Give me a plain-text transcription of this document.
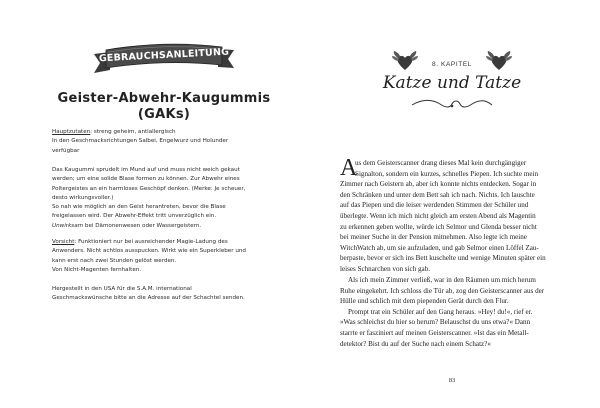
GEBRAUCHSANLEITUNG
Geister-Abwehr-Kaugummis
(GAKs)
Hauptzutaten: streng geheim, antiallergisch
In den Geschmacksrichtungen Salbei, Engelwurz und Holunder
verfügbar
Das Kaugummi sprudelt im Mund auf und muss nicht weich gekaut
werden; um eine solide Blase formen zu können. Zur Abwehr eines
Poltergeistes an ein harmloses Geschöpf denken. (Merke: Je scheuer,
desto wirkungsvoller.)
So nah wie möglich an den Geist herantreten, bevor die Blase
freigelassen wird. Der Abwehr-Effekt tritt unverzüglich ein.
Unwirksam bei Dämonenwesen oder Wassergeistern.
Vorsicht: Funktioniert nur bei ausreichender Magie-Ladung des
Anwenders. Nicht achtlos ausspucken. Wirkt wie ein Superkleber und
kann erst nach zwei Stunden gelöst werden.
Von Nicht-Magenten fernhalten.
Hergestellt in den USA für die S.A.M. international
Geschmackswünsche bitte an die Adresse auf der Schachtel senden.
8. KAPITEL
Katze und Tatze
A
us dem Geisterscanner drang dieses Mal kein durchgängiger
Signalton, sondern ein kurzes, schnelles Piepen. Ich suchte mein
Zimmer nach Geistern ab, aber ich konnte nichts entdecken. Sogar in
den Schränken und unter dem Bett sah ich nach. Nichts. Ich lauschte
auf das Piepen und die leiser werdenden Stimmen der Schüler und
überlegte. Wenn ich mich nicht gleich am ersten Abend als Magentin
zu erkennen geben wollte, würde ich Selmor und Glenda besser nicht
bei meiner Suche in der Pension mitnehmen. Also legte ich meine
WitchWatch ab, um sie aufzuladen, und gab Selmor einen Löffel Zau-
berpaste, bevor er sich ins Bett kuschelte und wenige Minuten später ein
leises Schnarchen von sich gab.
Als ich mein Zimmer verließ, war in den Räumen um mich herum
Ruhe eingekehrt. Ich schloss die Tür ab, zog den Geisterscanner aus der
Hülle und schlich mit dem piependen Gerät durch den Flur.
Prompt trat ein Schüler auf den Gang heraus. »Hey! du!«, rief er.
»Was schleichst du hier so herum? Belauschst du uns etwa?« Dann
starrte er fasziniert auf meinen Geisterscanner. »Ist das ein Metall-
detektor? Bist du auf der Suche nach einem Schatz?«
83
